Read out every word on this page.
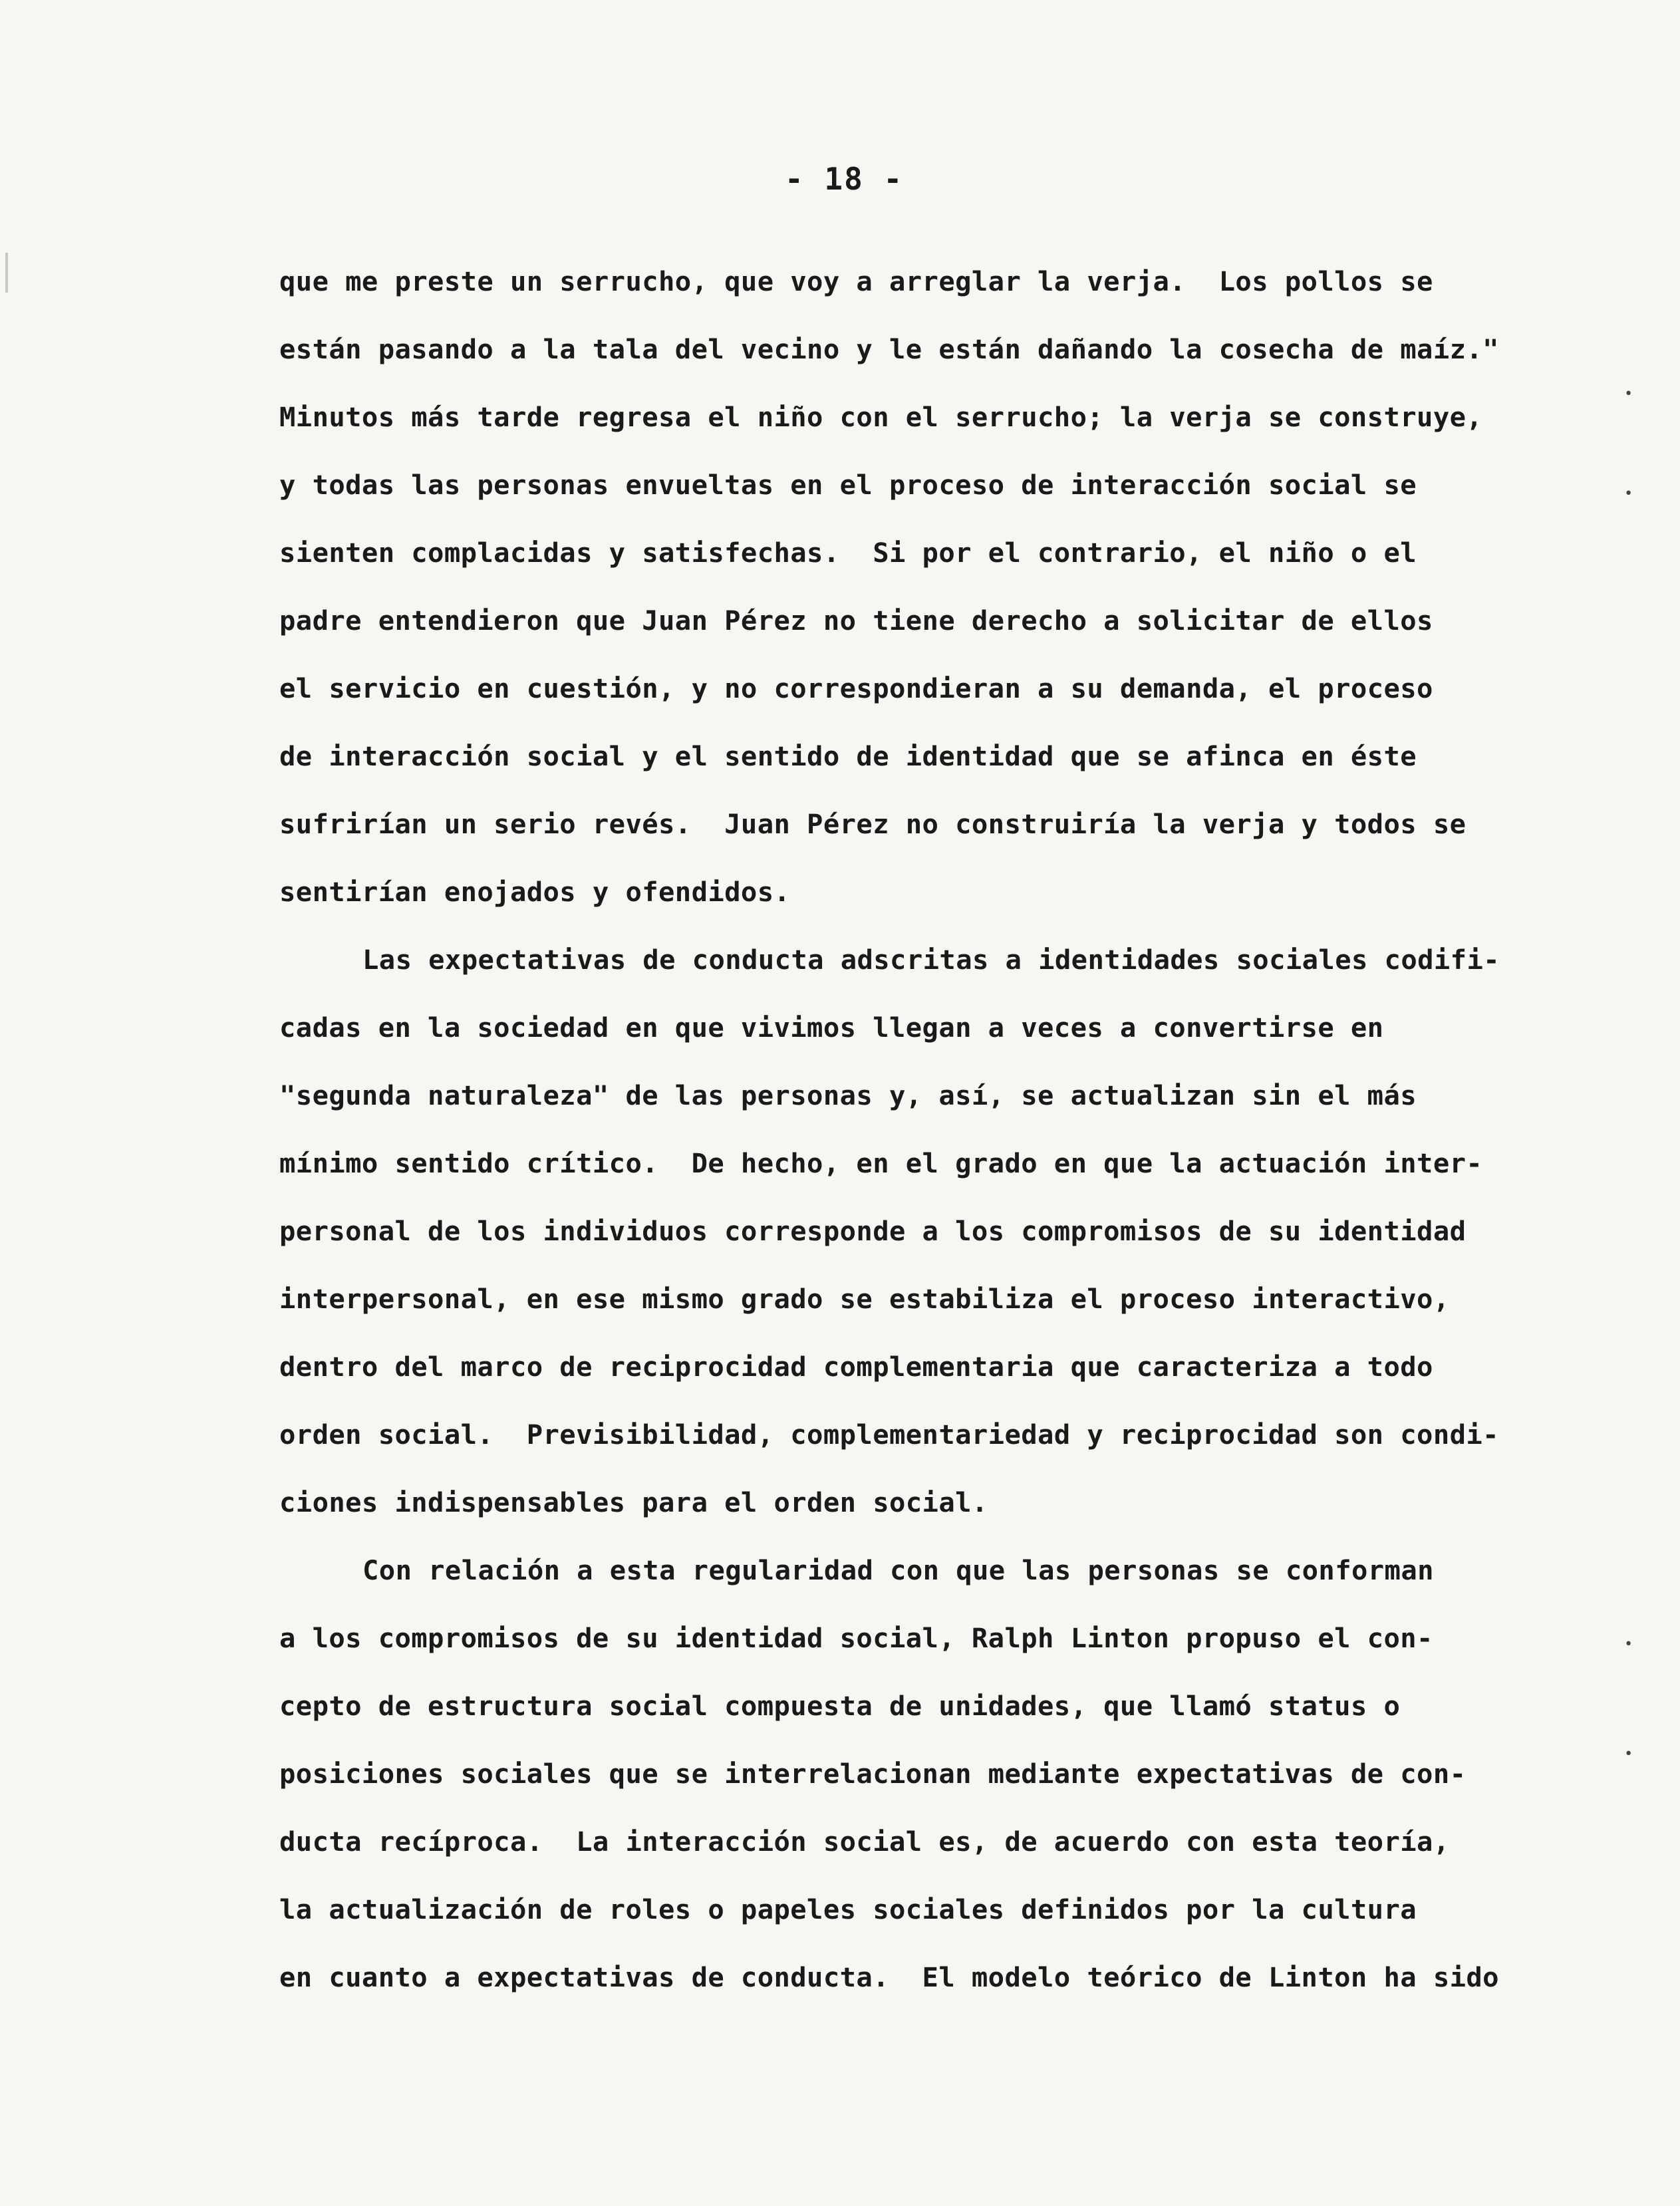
- 18 -
que me preste un serrucho, que voy a arreglar la verja.  Los pollos se
están pasando a la tala del vecino y le están dañando la cosecha de maíz."
Minutos más tarde regresa el niño con el serrucho; la verja se construye,
y todas las personas envueltas en el proceso de interacción social se
sienten complacidas y satisfechas.  Si por el contrario, el niño o el
padre entendieron que Juan Pérez no tiene derecho a solicitar de ellos
el servicio en cuestión, y no correspondieran a su demanda, el proceso
de interacción social y el sentido de identidad que se afinca en éste
sufrirían un serio revés.  Juan Pérez no construiría la verja y todos se
sentirían enojados y ofendidos.
Las expectativas de conducta adscritas a identidades sociales codifi-
cadas en la sociedad en que vivimos llegan a veces a convertirse en
"segunda naturaleza" de las personas y, así, se actualizan sin el más
mínimo sentido crítico.  De hecho, en el grado en que la actuación inter-
personal de los individuos corresponde a los compromisos de su identidad
interpersonal, en ese mismo grado se estabiliza el proceso interactivo,
dentro del marco de reciprocidad complementaria que caracteriza a todo
orden social.  Previsibilidad, complementariedad y reciprocidad son condi-
ciones indispensables para el orden social.
Con relación a esta regularidad con que las personas se conforman
a los compromisos de su identidad social, Ralph Linton propuso el con-
cepto de estructura social compuesta de unidades, que llamó status o
posiciones sociales que se interrelacionan mediante expectativas de con-
ducta recíproca.  La interacción social es, de acuerdo con esta teoría,
la actualización de roles o papeles sociales definidos por la cultura
en cuanto a expectativas de conducta.  El modelo teórico de Linton ha sido
•
•
•
•
